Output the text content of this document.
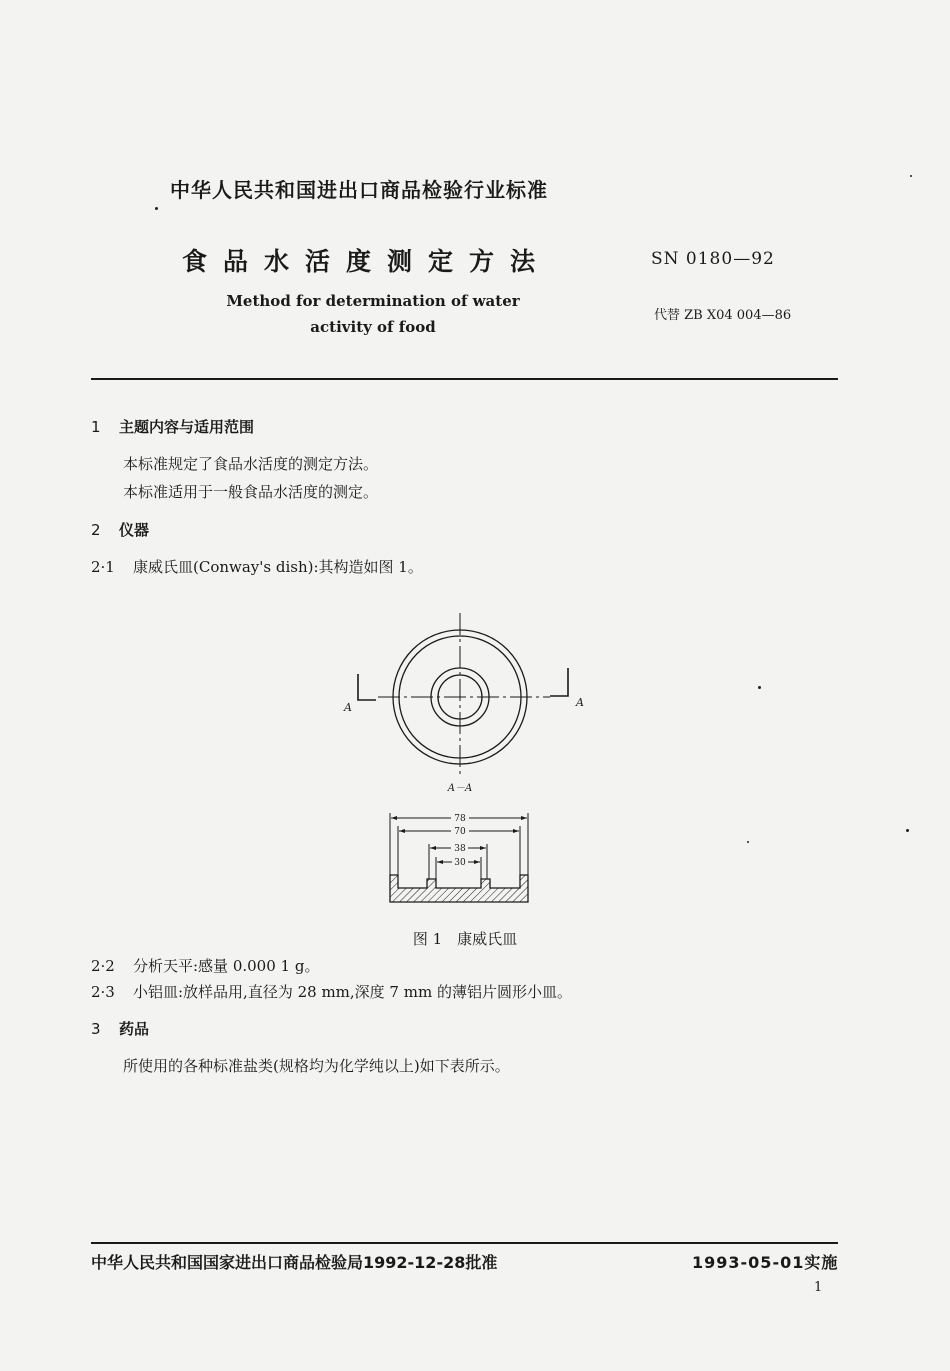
中华人民共和国进出口商品检验行业标准
食品水活度测定方法	SN 0180—92
Method for determination of water
activity of food
代替 ZB X04 004—86
1 主题内容与适用范围
本标准规定了食品水活度的测定方法。
本标准适用于一般食品水活度的测定。
2 仪器
2·1 康威氏皿(Conway's dish):其构造如图 1。
A	A
A－A
78
70
38
30
图 1　康威氏皿
2·2 分析天平:感量 0.000 1 g。
2·3 小铝皿:放样品用,直径为 28 mm,深度 7 mm 的薄铝片圆形小皿。
3 药品
所使用的各种标准盐类(规格均为化学纯以上)如下表所示。
中华人民共和国国家进出口商品检验局1992-12-28批准	1993-05-01实施
1
